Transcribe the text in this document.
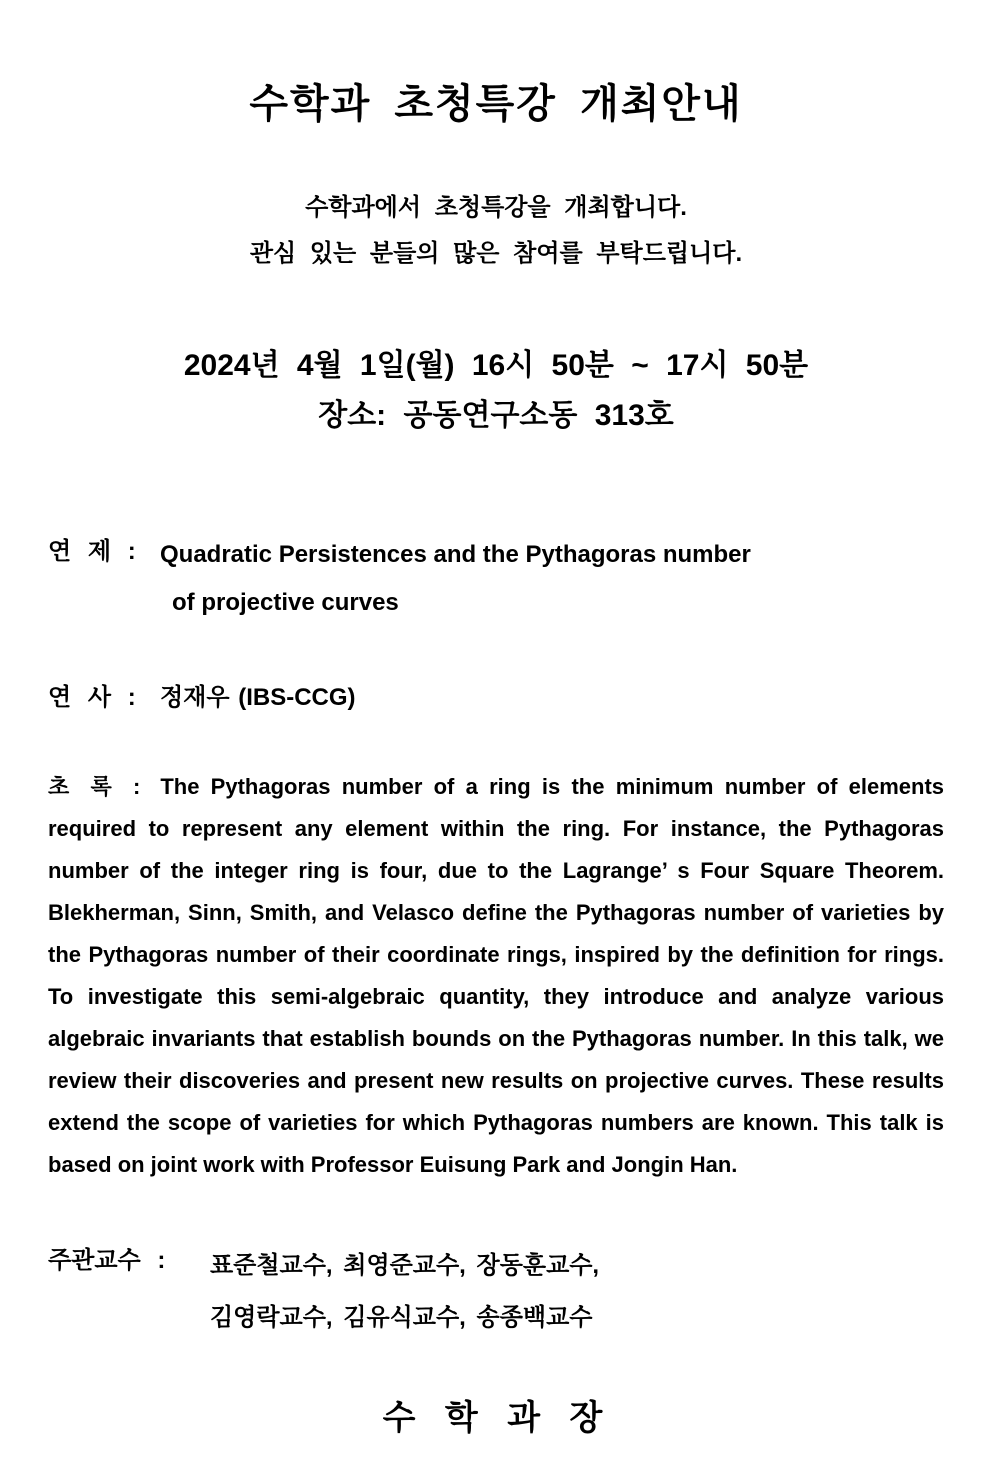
수학과 초청특강 개최안내

수학과에서 초청특강을 개최합니다.

관심 있는 분들의 많은 참여를 부탁드립니다.

2024년 4월 1일(월) 16시 50분 ~ 17시 50분

장소: 공동연구소동 313호

연 제 :	Quadratic Persistences and the Pythagoras number

of projective curves

연 사 :	정재우 (IBS-CCG)

초 록 : The Pythagoras number of a ring is the minimum number of elements required to represent any element within the ring. For instance, the Pythagoras number of the integer ring is four, due to the Lagrange’ s Four Square Theorem. Blekherman, Sinn, Smith, and Velasco define the Pythagoras number of varieties by the Pythagoras number of their coordinate rings, inspired by the definition for rings. To investigate this semi-algebraic quantity, they introduce and analyze various algebraic invariants that establish bounds on the Pythagoras number. In this talk, we review their discoveries and present new results on projective curves. These results extend the scope of varieties for which Pythagoras numbers are known. This talk is based on joint work with Professor Euisung Park and Jongin Han.

주관교수 :	표준철교수, 최영준교수, 장동훈교수,

김영락교수, 김유식교수, 송종백교수

수 학 과 장
